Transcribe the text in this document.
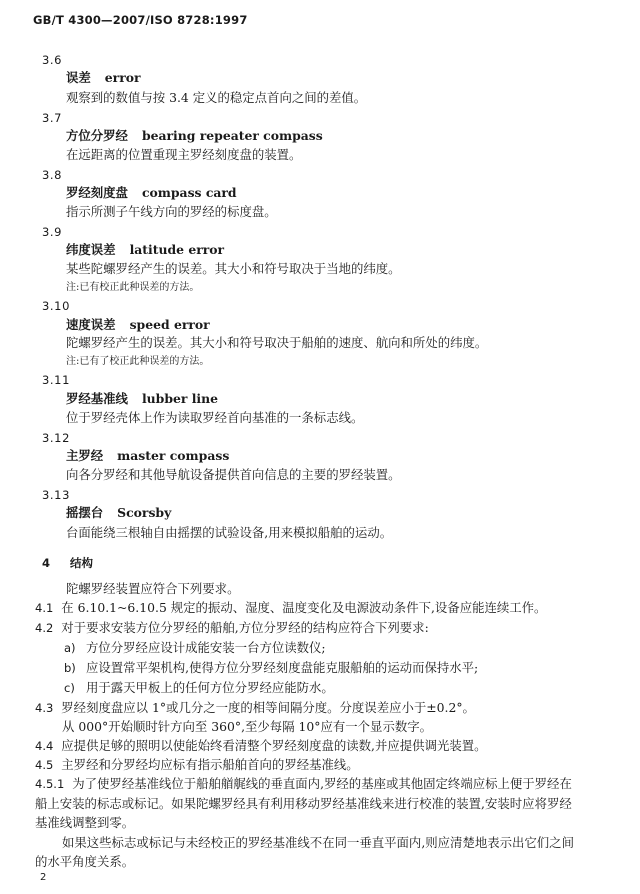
GB/T 4300—2007/ISO 8728:1997
3.6
误差 error
观察到的数值与按 3.4 定义的稳定点首向之间的差值。
3.7
方位分罗经 bearing repeater compass
在远距离的位置重现主罗经刻度盘的装置。
3.8
罗经刻度盘 compass card
指示所测子午线方向的罗经的标度盘。
3.9
纬度误差 latitude error
某些陀螺罗经产生的误差。其大小和符号取决于当地的纬度。
注:已有校正此种误差的方法。
3.10
速度误差 speed error
陀螺罗经产生的误差。其大小和符号取决于船舶的速度、航向和所处的纬度。
注:已有了校正此种误差的方法。
3.11
罗经基准线 lubber line
位于罗经壳体上作为读取罗经首向基准的一条标志线。
3.12
主罗经 master compass
向各分罗经和其他导航设备提供首向信息的主要的罗经装置。
3.13
摇摆台 Scorsby
台面能绕三根轴自由摇摆的试验设备,用来模拟船舶的运动。
4 结构
陀螺罗经装置应符合下列要求。
4.1 在 6.10.1~6.10.5 规定的振动、湿度、温度变化及电源波动条件下,设备应能连续工作。
4.2 对于要求安装方位分罗经的船舶,方位分罗经的结构应符合下列要求:
a) 方位分罗经应设计成能安装一台方位读数仪;
b) 应设置常平架机构,使得方位分罗经刻度盘能克服船舶的运动而保持水平;
c) 用于露天甲板上的任何方位分罗经应能防水。
4.3 罗经刻度盘应以 1°或几分之一度的相等间隔分度。分度误差应小于±0.2°。
从 000°开始顺时针方向至 360°,至少每隔 10°应有一个显示数字。
4.4 应提供足够的照明以使能始终看清整个罗经刻度盘的读数,并应提供调光装置。
4.5 主罗经和分罗经均应标有指示船舶首向的罗经基准线。
4.5.1 为了使罗经基准线位于船舶艏艉线的垂直面内,罗经的基座或其他固定终端应标上便于罗经在
船上安装的标志或标记。如果陀螺罗经具有利用移动罗经基准线来进行校准的装置,安装时应将罗经
基准线调整到零。
如果这些标志或标记与未经校正的罗经基准线不在同一垂直平面内,则应清楚地表示出它们之间
的水平角度关系。
2
